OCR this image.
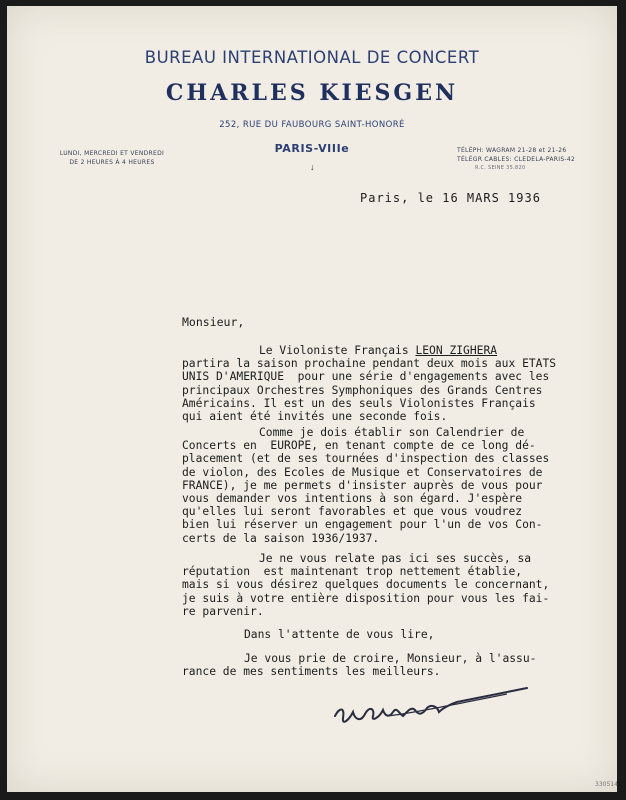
BUREAU INTERNATIONAL DE CONCERT
CHARLES KIESGEN
252, RUE DU FAUBOURG SAINT-HONORÉ
PARIS-VIIIe
↓
LUNDI, MERCREDI ET VENDREDI
DE 2 HEURES À 4 HEURES
TÉLÉPH: WAGRAM 21-28 et 21-26
TÉLÉGR CABLES: CLEDELA-PARIS-42
R.C. SEINE 35.820
Paris, le 16 MARS 1936
Monsieur,
Le Violoniste Français LEON ZIGHERA
partira la saison prochaine pendant deux mois aux ETATS
UNIS D'AMERIQUE  pour une série d'engagements avec les
principaux Orchestres Symphoniques des Grands Centres
Américains. Il est un des seuls Violonistes Français
qui aient été invités une seconde fois.
Comme je dois établir son Calendrier de
Concerts en  EUROPE, en tenant compte de ce long dé-
placement (et de ses tournées d'inspection des classes
de violon, des Ecoles de Musique et Conservatoires de
FRANCE), je me permets d'insister auprès de vous pour
vous demander vos intentions à son égard. J'espère
qu'elles lui seront favorables et que vous voudrez
bien lui réserver un engagement pour l'un de vos Con-
certs de la saison 1936/1937.
Je ne vous relate pas ici ses succès, sa
réputation  est maintenant trop nettement établie,
mais si vous désirez quelques documents le concernant,
je suis à votre entière disposition pour vous les fai-
re parvenir.
Dans l'attente de vous lire,
Je vous prie de croire, Monsieur, à l'assu-
rance de mes sentiments les meilleurs.
330514
